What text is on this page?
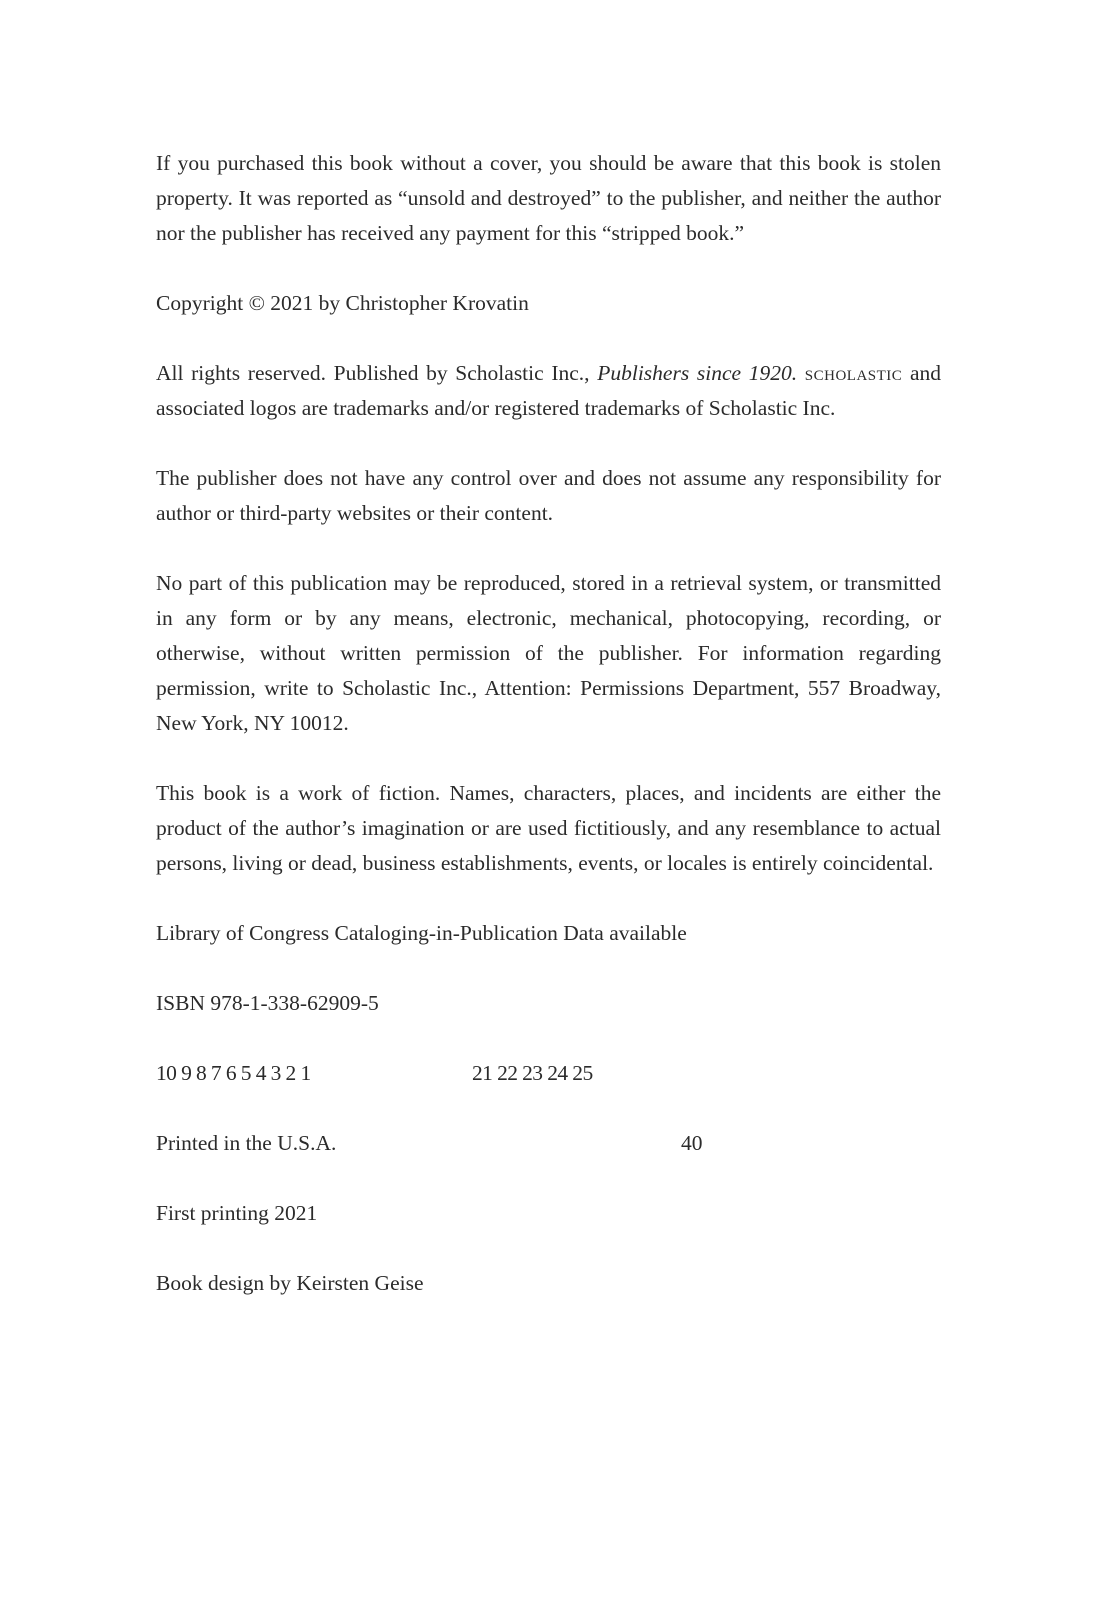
If you purchased this book without a cover, you should be aware that this book is stolen property. It was reported as “unsold and destroyed” to the publisher, and neither the author nor the publisher has received any payment for this “stripped book.”

Copyright © 2021 by Christopher Krovatin

All rights reserved. Published by Scholastic Inc., Publishers since 1920. scholastic and associated logos are trademarks and/or registered trademarks of Scholastic Inc.

The publisher does not have any control over and does not assume any responsibility for author or third-party websites or their content.

No part of this publication may be reproduced, stored in a retrieval system, or transmitted in any form or by any means, electronic, mechanical, photocopying, recording, or otherwise, without written permission of the publisher. For information regarding permission, write to Scholastic Inc., Attention: Permissions Department, 557 Broadway, New York, NY 10012.

This book is a work of fiction. Names, characters, places, and incidents are either the product of the author’s imagination or are used fictitiously, and any resemblance to actual persons, living or dead, business establishments, events, or locales is entirely coincidental.

Library of Congress Cataloging-in-Publication Data available

ISBN 978-1-338-62909-5

10 9 8 7 6 5 4 3 2 1	21 22 23 24 25
Printed in the U.S.A.	40

First printing 2021

Book design by Keirsten Geise
